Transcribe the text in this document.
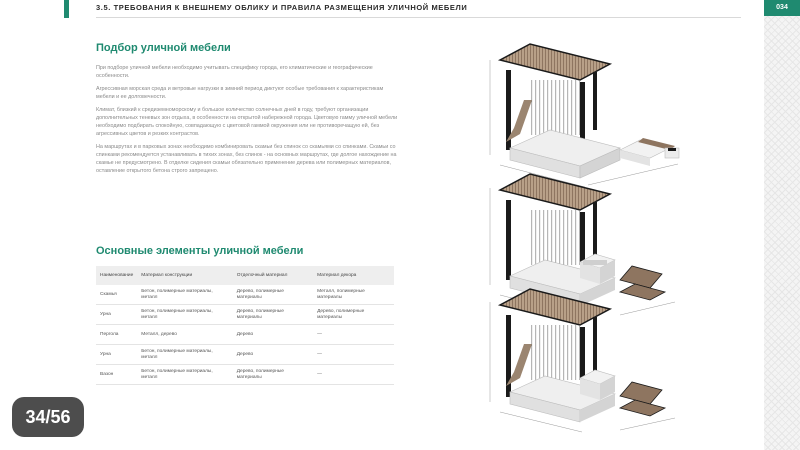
3.5. ТРЕБОВАНИЯ К ВНЕШНЕМУ ОБЛИКУ И ПРАВИЛА РАЗМЕЩЕНИЯ УЛИЧНОЙ МЕБЕЛИ	034
Подбор уличной мебели

При подборе уличной мебели необходимо учитывать специфику города, его климатические и географические особенности.

Агрессивная морская среда и ветровые нагрузки в зимний период диктуют особые требования к характеристикам мебели и ее долговечности.

Климат, близкий к средиземноморскому и большое количество солнечных дней в году, требуют организации дополнительных теневых зон отдыха, в особенности на открытой набережной города. Цветовую гамму уличной мебели необходимо подбирать спокойную, совпадающую с цветовой гаммой окружения или не противоречащую ей, без агрессивных цветов и резких контрастов.

На маршрутах и в парковых зонах необходимо комбинировать скамьи без спинок со скамьями со спинками. Скамьи со спинками рекомендуется устанавливать в тихих зонах, без спинок - на основных маршрутах, где долгое нахождение на скамье не предусмотрено. В отделке сидения скамьи обязательно применение дерева или полимерных материалов, оставление открытого бетона строго запрещено.

Основные элементы уличной мебели
Наименование	Материал конструкции	Отделочный материал	Материал декора
Скамья	Бетон, полимерные материалы, металл	Дерево, полимерные материалы	Металл, полимерные материалы
Урна	Бетон, полимерные материалы, металл	Дерево, полимерные материалы	Дерево, полимерные материалы
Пергола	Металл, дерево	Дерево	—
Урна	Бетон, полимерные материалы, металл	Дерево	—
Вазон	Бетон, полимерные материалы, металл	Дерево, полимерные материалы	—
34/56
